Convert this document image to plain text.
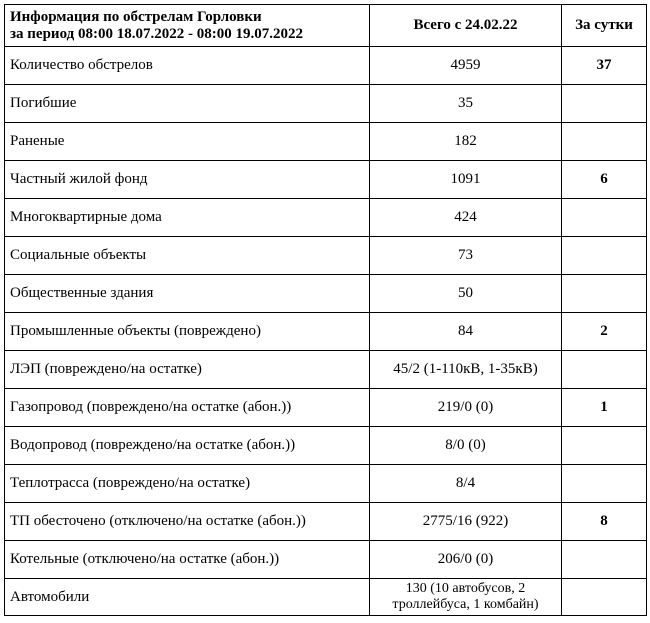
Информация по обстрелам Горловки
за период 08:00 18.07.2022 - 08:00 19.07.2022	Всего с 24.02.22	За сутки
Количество обстрелов	4959	37
Погибшие	35	
Раненые	182	
Частный жилой фонд	1091	6
Многоквартирные дома	424	
Социальные объекты	73	
Общественные здания	50	
Промышленные объекты (повреждено)	84	2
ЛЭП (повреждено/на остатке)	45/2 (1-110кВ, 1-35кВ)	
Газопровод (повреждено/на остатке (абон.))	219/0 (0)	1
Водопровод (повреждено/на остатке (абон.))	8/0 (0)	
Теплотрасса (повреждено/на остатке)	8/4	
ТП обесточено (отключено/на остатке (абон.))	2775/16 (922)	8
Котельные (отключено/на остатке (абон.))	206/0 (0)	
Автомобили	130 (10 автобусов, 2 троллейбуса, 1 комбайн)	
